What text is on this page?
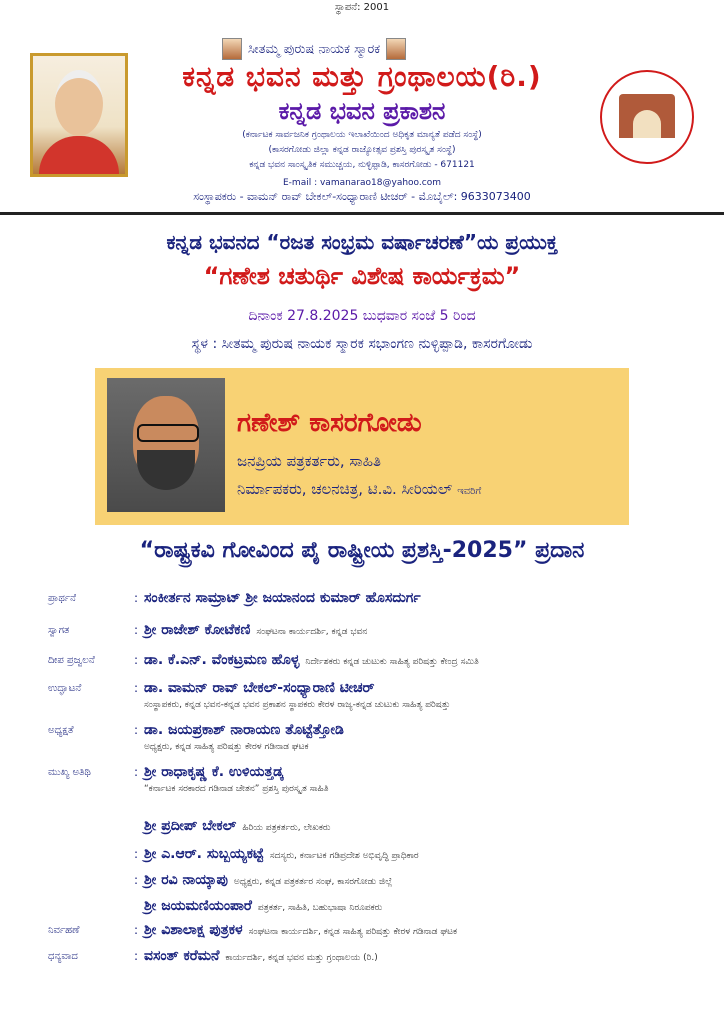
ಸ್ಥಾಪನೆ: 2001
ಸೀತಮ್ಮ ಪುರುಷ ನಾಯಕ ಸ್ಮಾರಕ
ಕನ್ನಡ ಭವನ ಮತ್ತು ಗ್ರಂಥಾಲಯ(ರಿ.)
ಕನ್ನಡ ಭವನ ಪ್ರಕಾಶನ
(ಕರ್ನಾಟಕ ಸಾರ್ವಜನಿಕ ಗ್ರಂಥಾಲಯ ಇಲಾಖೆಯಿಂದ ಅಧಿಕೃತ ಮಾನ್ಯತೆ ಪಡೆದ ಸಂಸ್ಥೆ)
(ಕಾಸರಗೋಡು ಜಿಲ್ಲಾ ಕನ್ನಡ ರಾಜ್ಯೋತ್ಸವ ಪ್ರಶಸ್ತಿ ಪುರಸ್ಕೃತ ಸಂಸ್ಥೆ)
ಕನ್ನಡ ಭವನ ಸಾಂಸ್ಕೃತಿಕ ಸಮುಚ್ಚಯ, ನುಳ್ಳಿಪ್ಪಾಡಿ, ಕಾಸರಗೋಡು - 671121
E-mail : vamanarao18@yahoo.com
ಸಂಸ್ಥಾಪಕರು - ವಾಮನ್ ರಾವ್ ಬೇಕಲ್-ಸಂಧ್ಯಾರಾಣಿ ಟೀಚರ್ - ಮೊಬೈಲ್: 9633073400
ಕನ್ನಡ ಭವನದ “ರಜತ ಸಂಭ್ರಮ ವರ್ಷಾಚರಣೆ”ಯ ಪ್ರಯುಕ್ತ
“ಗಣೇಶ ಚತುರ್ಥಿ ವಿಶೇಷ ಕಾರ್ಯಕ್ರಮ”
ದಿನಾಂಕ 27.8.2025 ಬುಧವಾರ ಸಂಜೆ 5 ರಿಂದ
ಸ್ಥಳ : ಸೀತಮ್ಮ ಪುರುಷ ನಾಯಕ ಸ್ಮಾರಕ ಸಭಾಂಗಣ ನುಳ್ಳಿಪ್ಪಾಡಿ, ಕಾಸರಗೋಡು
ಗಣೇಶ್ ಕಾಸರಗೋಡು
ಜನಪ್ರಿಯ ಪತ್ರಕರ್ತರು, ಸಾಹಿತಿ
ನಿರ್ಮಾಪಕರು, ಚಲನಚಿತ್ರ, ಟಿ.ವಿ. ಸೀರಿಯಲ್ ಇವರಿಗೆ
“ರಾಷ್ಟ್ರಕವಿ ಗೋವಿಂದ ಪೈ ರಾಷ್ಟ್ರೀಯ ಪ್ರಶಸ್ತಿ-2025” ಪ್ರದಾನ
ಪ್ರಾರ್ಥನೆ	: ಸಂಕೀರ್ತನ ಸಾಮ್ರಾಟ್ ಶ್ರೀ ಜಯಾನಂದ ಕುಮಾರ್ ಹೊಸದುರ್ಗ
ಸ್ವಾಗತ	: ಶ್ರೀ ರಾಜೇಶ್ ಕೋಟೆಕಣಿ ಸಂಘಟನಾ ಕಾರ್ಯದರ್ಶಿ, ಕನ್ನಡ ಭವನ
ದೀಪ ಪ್ರಜ್ವಲನೆ	: ಡಾ. ಕೆ.ಎನ್. ವೆಂಕಟ್ರಮಣ ಹೊಳ್ಳ ನಿರ್ದೇಶಕರು ಕನ್ನಡ ಚುಟುಕು ಸಾಹಿತ್ಯ ಪರಿಷತ್ತು ಕೇಂದ್ರ ಸಮಿತಿ
ಉದ್ಘಾಟನೆ	: ಡಾ. ವಾಮನ್ ರಾವ್ ಬೇಕಲ್-ಸಂಧ್ಯಾರಾಣಿ ಟೀಚರ್
ಸಂಸ್ಥಾಪಕರು, ಕನ್ನಡ ಭವನ-ಕನ್ನಡ ಭವನ ಪ್ರಕಾಶನ ಸ್ಥಾಪಕರು ಕೇರಳ ರಾಜ್ಯ-ಕನ್ನಡ ಚುಟುಕು ಸಾಹಿತ್ಯ ಪರಿಷತ್ತು
ಅಧ್ಯಕ್ಷತೆ	: ಡಾ. ಜಯಪ್ರಕಾಶ್ ನಾರಾಯಣ ತೊಟ್ಟೆತ್ತೋಡಿ
ಅಧ್ಯಕ್ಷರು, ಕನ್ನಡ ಸಾಹಿತ್ಯ ಪರಿಷತ್ತು ಕೇರಳ ಗಡಿನಾಡ ಘಟಕ
ಮುಖ್ಯ ಅತಿಥಿ	: ಶ್ರೀ ರಾಧಾಕೃಷ್ಣ ಕೆ. ಉಳಿಯತ್ತಡ್ಕ
“ಕರ್ನಾಟಕ ಸರಕಾರದ ಗಡಿನಾಡ ಚೇತನ” ಪ್ರಶಸ್ತಿ ಪುರಸ್ಕೃತ ಸಾಹಿತಿ
ಶ್ರೀ ಪ್ರದೀಪ್ ಬೇಕಲ್ ಹಿರಿಯ ಪತ್ರಕರ್ತರು, ಲೇಖಕರು
: ಶ್ರೀ ಎ.ಆರ್. ಸುಬ್ಬಯ್ಯಕಟ್ಟೆ ಸದಸ್ಯರು, ಕರ್ನಾಟಕ ಗಡಿಪ್ರದೇಶ ಅಭಿವೃದ್ಧಿ ಪ್ರಾಧಿಕಾರ
: ಶ್ರೀ ರವಿ ನಾಯ್ಕಾಪು ಅಧ್ಯಕ್ಷರು, ಕನ್ನಡ ಪತ್ರಕರ್ತರ ಸಂಘ, ಕಾಸರಗೋಡು ಜಿಲ್ಲೆ
ಶ್ರೀ ಜಯಮಣಿಯಂಪಾರೆ ಪತ್ರಕರ್ತ, ಸಾಹಿತಿ, ಬಹುಭಾಷಾ ನಿರೂಪಕರು
ನಿರ್ವಹಣೆ	: ಶ್ರೀ ವಿಶಾಲಾಕ್ಷ ಪುತ್ರಕಳ ಸಂಘಟನಾ ಕಾರ್ಯದರ್ಶಿ, ಕನ್ನಡ ಸಾಹಿತ್ಯ ಪರಿಷತ್ತು ಕೇರಳ ಗಡಿನಾಡ ಘಟಕ
ಧನ್ಯವಾದ	: ವಸಂತ್ ಕರೆಮನೆ ಕಾರ್ಯದರ್ಶಿ, ಕನ್ನಡ ಭವನ ಮತ್ತು ಗ್ರಂಥಾಲಯ (ರಿ.)
